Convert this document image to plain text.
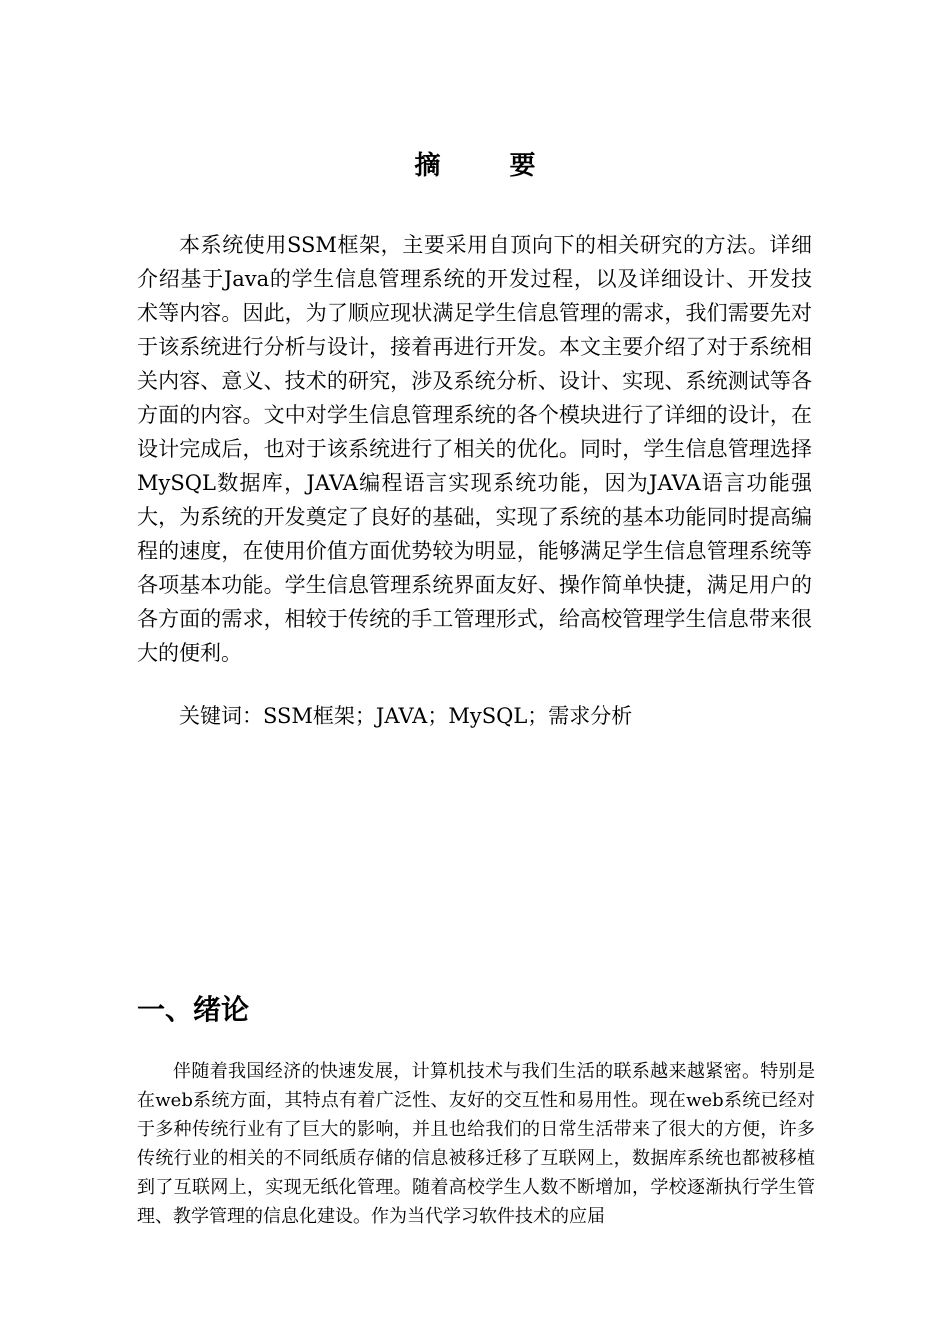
摘 要

本系统使用SSM框架，主要采用自顶向下的相关研究的方法。详细介绍基于Java的学生信息管理系统的开发过程，以及详细设计、开发技术等内容。因此，为了顺应现状满足学生信息管理的需求，我们需要先对于该系统进行分析与设计，接着再进行开发。本文主要介绍了对于系统相关内容、意义、技术的研究，涉及系统分析、设计、实现、系统测试等各方面的内容。文中对学生信息管理系统的各个模块进行了详细的设计，在设计完成后，也对于该系统进行了相关的优化。同时，学生信息管理选择MySQL数据库，JAVA编程语言实现系统功能，因为JAVA语言功能强大，为系统的开发奠定了良好的基础，实现了系统的基本功能同时提高编程的速度，在使用价值方面优势较为明显，能够满足学生信息管理系统等各项基本功能。学生信息管理系统界面友好、操作简单快捷，满足用户的各方面的需求，相较于传统的手工管理形式，给高校管理学生信息带来很大的便利。

关键词：SSM框架；JAVA；MySQL；需求分析
一、绪论

伴随着我国经济的快速发展，计算机技术与我们生活的联系越来越紧密。特别是在web系统方面，其特点有着广泛性、友好的交互性和易用性。现在web系统已经对于多种传统行业有了巨大的影响，并且也给我们的日常生活带来了很大的方便，许多传统行业的相关的不同纸质存储的信息被移迁移了互联网上，数据库系统也都被移植到了互联网上，实现无纸化管理。随着高校学生人数不断增加，学校逐渐执行学生管理、教学管理的信息化建设。作为当代学习软件技术的应届
